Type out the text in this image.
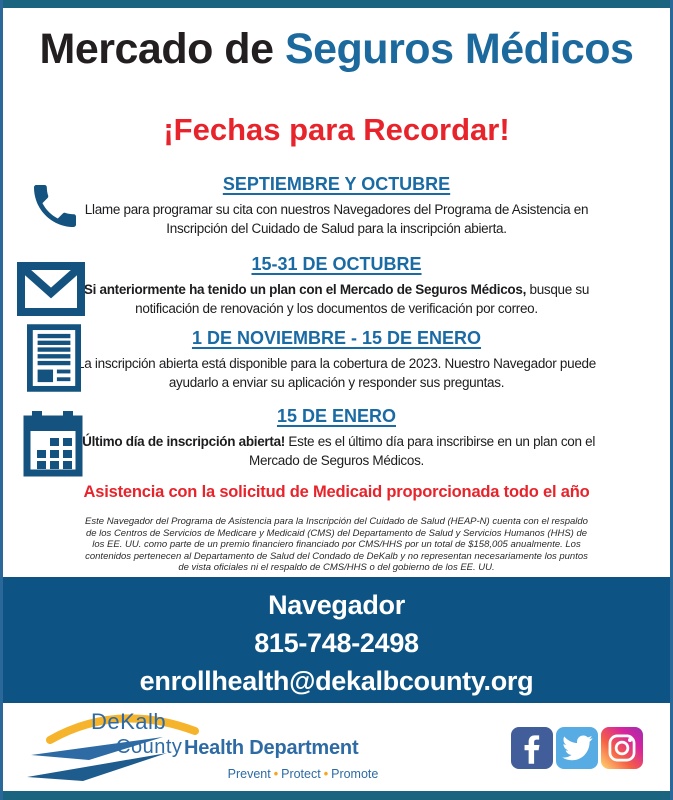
Mercado de Seguros Médicos
¡Fechas para Recordar!
SEPTIEMBRE Y OCTUBRE

Llame para programar su cita con nuestros Navegadores del Programa de Asistencia en Inscripción del Cuidado de Salud para la inscripción abierta.

15-31 DE OCTUBRE

Si anteriormente ha tenido un plan con el Mercado de Seguros Médicos, busque su notificación de renovación y los documentos de verificación por correo.

1 DE NOVIEMBRE - 15 DE ENERO

La inscripción abierta está disponible para la cobertura de 2023. Nuestro Navegador puede ayudarlo a enviar su aplicación y responder sus preguntas.

15 DE ENERO

¡Último día de inscripción abierta! Este es el último día para inscribirse en un plan con el Mercado de Seguros Médicos.

Asistencia con la solicitud de Medicaid proporcionada todo el año

Este Navegador del Programa de Asistencia para la Inscripción del Cuidado de Salud (HEAP-N) cuenta con el respaldo de los Centros de Servicios de Medicare y Medicaid (CMS) del Departamento de Salud y Servicios Humanos (HHS) de los EE. UU. como parte de un premio financiero financiado por CMS/HHS por un total de $158,005 anualmente. Los contenidos pertenecen al Departamento de Salud del Condado de DeKalb y no representan necesariamente los puntos de vista oficiales ni el respaldo de CMS/HHS o del gobierno de los EE. UU.

Navegador
815-748-2498
enrollhealth@dekalbcounty.org
DeKalb
County Health Department
Prevent • Protect • Promote
